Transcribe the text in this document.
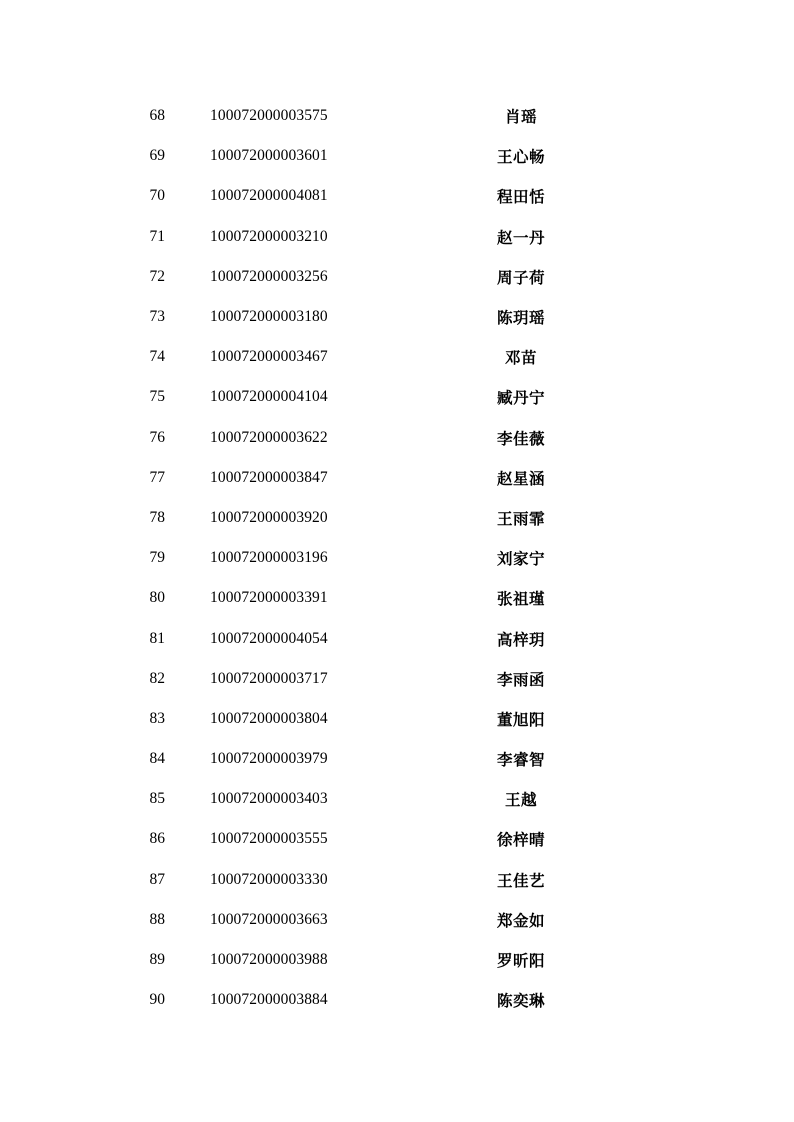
68	100072000003575	肖瑶
69	100072000003601	王心畅
70	100072000004081	程田恬
71	100072000003210	赵一丹
72	100072000003256	周子荷
73	100072000003180	陈玥瑶
74	100072000003467	邓苗
75	100072000004104	臧丹宁
76	100072000003622	李佳薇
77	100072000003847	赵星涵
78	100072000003920	王雨霏
79	100072000003196	刘家宁
80	100072000003391	张祖瑾
81	100072000004054	高梓玥
82	100072000003717	李雨函
83	100072000003804	董旭阳
84	100072000003979	李睿智
85	100072000003403	王越
86	100072000003555	徐梓晴
87	100072000003330	王佳艺
88	100072000003663	郑金如
89	100072000003988	罗昕阳
90	100072000003884	陈奕琳
